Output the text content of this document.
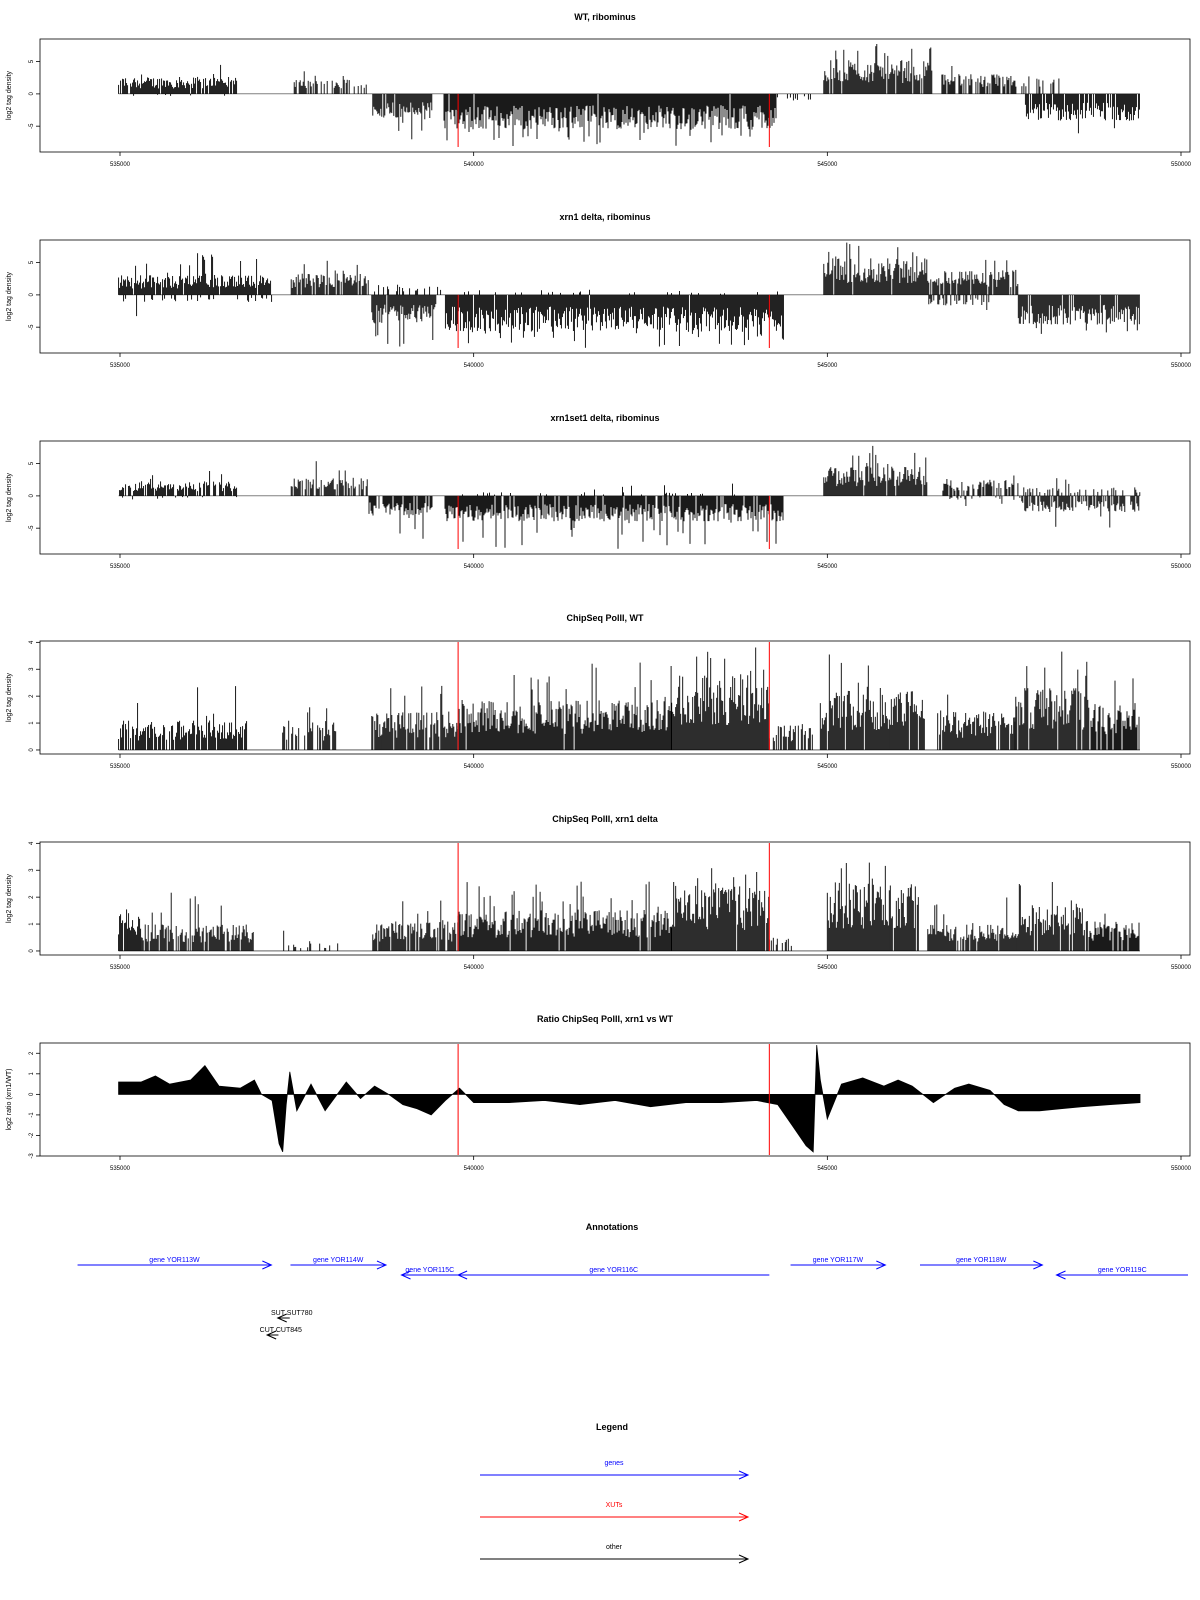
WT, ribominus
log2 tag density
535000	540000	545000	550000
-5
0
5
xrn1 delta, ribominus
log2 tag density
535000	540000	545000	550000
-5
0
5
xrn1set1 delta, ribominus
log2 tag density
535000	540000	545000	550000
-5
0
5
ChipSeq PolII, WT
log2 tag density
535000	540000	545000	550000
0
1
2
3
4
ChipSeq PolII, xrn1 delta
log2 tag density
535000	540000	545000	550000
0
1
2
3
4
Ratio ChipSeq PolII, xrn1 vs WT
log2 ratio (xrn1/WT)
535000	540000	545000	550000
-3
-2
-1
0
1
2
Annotations
gene YOR113W	gene YOR114W
gene YOR115C	gene YOR116C
gene YOR117W	gene YOR118W
gene YOR119C
SUT SUT780
CUT CUT845
Legend
genes
XUTs
other
